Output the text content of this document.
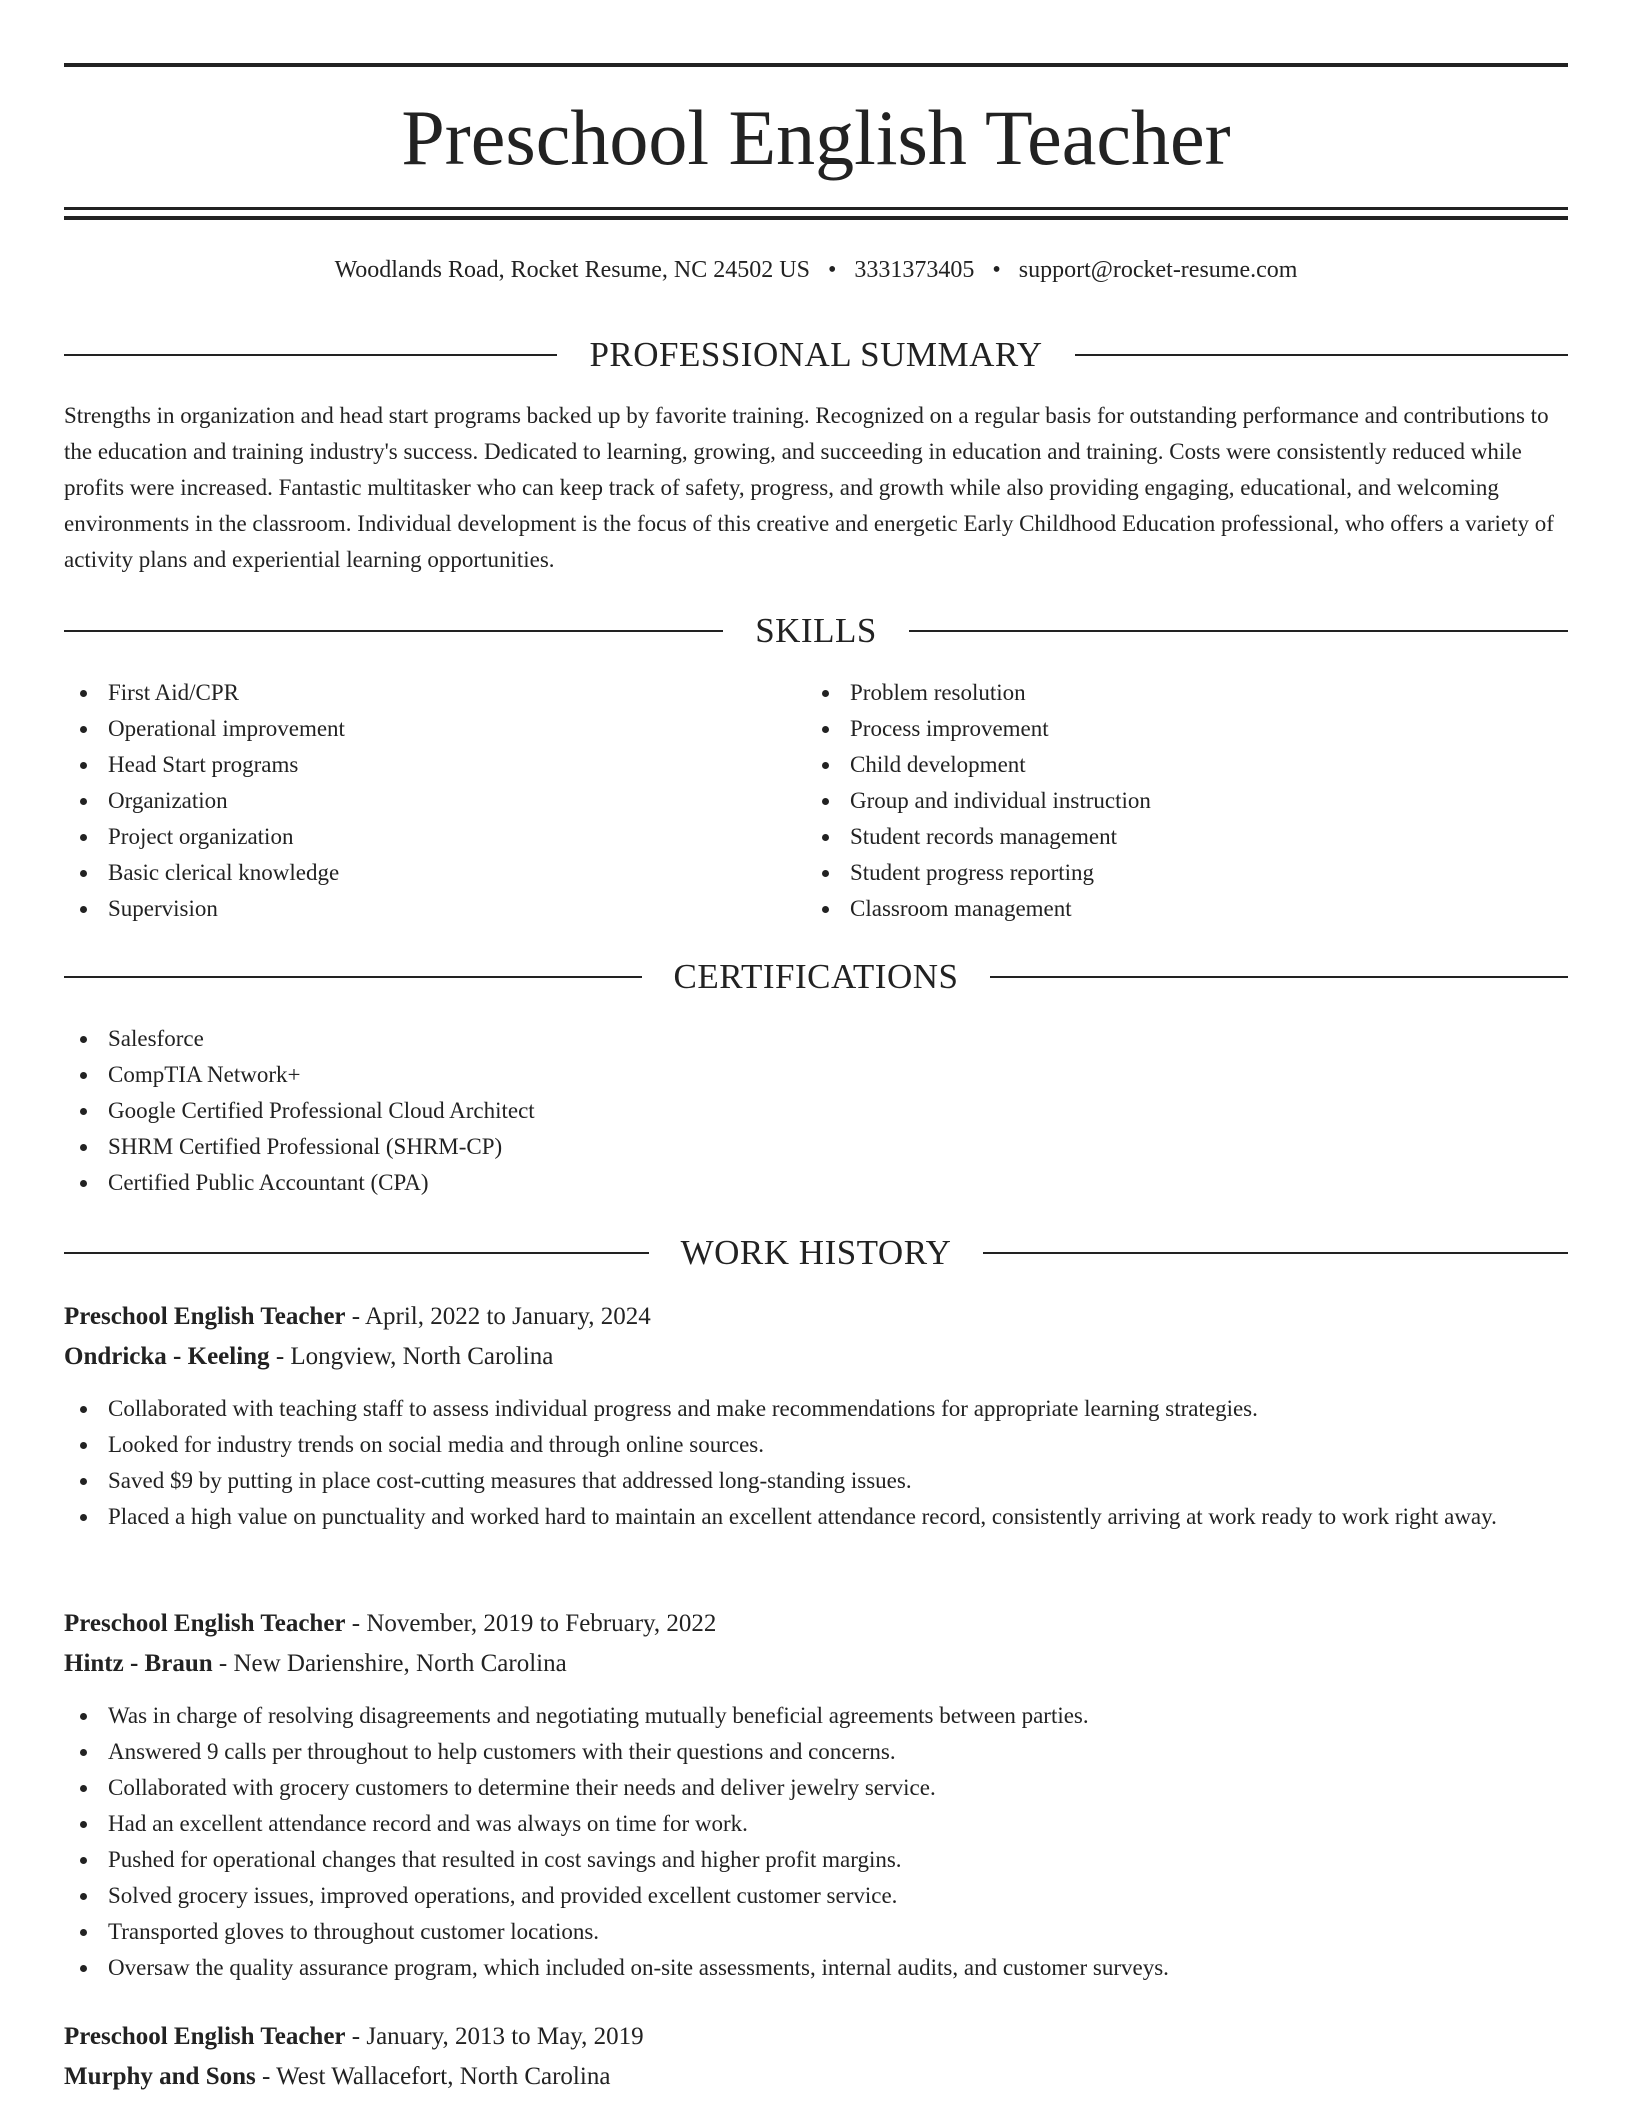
Preschool English Teacher
Woodlands Road, Rocket Resume, NC 24502 US • 3331373405 • support@rocket-resume.com
PROFESSIONAL SUMMARY

Strengths in organization and head start programs backed up by favorite training. Recognized on a regular basis for outstanding performance and contributions to the education and training industry's success. Dedicated to learning, growing, and succeeding in education and training. Costs were consistently reduced while profits were increased. Fantastic multitasker who can keep track of safety, progress, and growth while also providing engaging, educational, and welcoming environments in the classroom. Individual development is the focus of this creative and energetic Early Childhood Education professional, who offers a variety of activity plans and experiential learning opportunities.

SKILLS
First Aid/CPR
Operational improvement
Head Start programs
Organization
Project organization
Basic clerical knowledge
Supervision
Problem resolution
Process improvement
Child development
Group and individual instruction
Student records management
Student progress reporting
Classroom management
CERTIFICATIONS
Salesforce
CompTIA Network+
Google Certified Professional Cloud Architect
SHRM Certified Professional (SHRM-CP)
Certified Public Accountant (CPA)
WORK HISTORY
Preschool English Teacher - April, 2022 to January, 2024
Ondricka - Keeling - Longview, North Carolina
Collaborated with teaching staff to assess individual progress and make recommendations for appropriate learning strategies.
Looked for industry trends on social media and through online sources.
Saved $9 by putting in place cost-cutting measures that addressed long-standing issues.
Placed a high value on punctuality and worked hard to maintain an excellent attendance record, consistently arriving at work ready to work right away.
Preschool English Teacher - November, 2019 to February, 2022
Hintz - Braun - New Darienshire, North Carolina
Was in charge of resolving disagreements and negotiating mutually beneficial agreements between parties.
Answered 9 calls per throughout to help customers with their questions and concerns.
Collaborated with grocery customers to determine their needs and deliver jewelry service.
Had an excellent attendance record and was always on time for work.
Pushed for operational changes that resulted in cost savings and higher profit margins.
Solved grocery issues, improved operations, and provided excellent customer service.
Transported gloves to throughout customer locations.
Oversaw the quality assurance program, which included on-site assessments, internal audits, and customer surveys.
Preschool English Teacher - January, 2013 to May, 2019
Murphy and Sons - West Wallacefort, North Carolina
